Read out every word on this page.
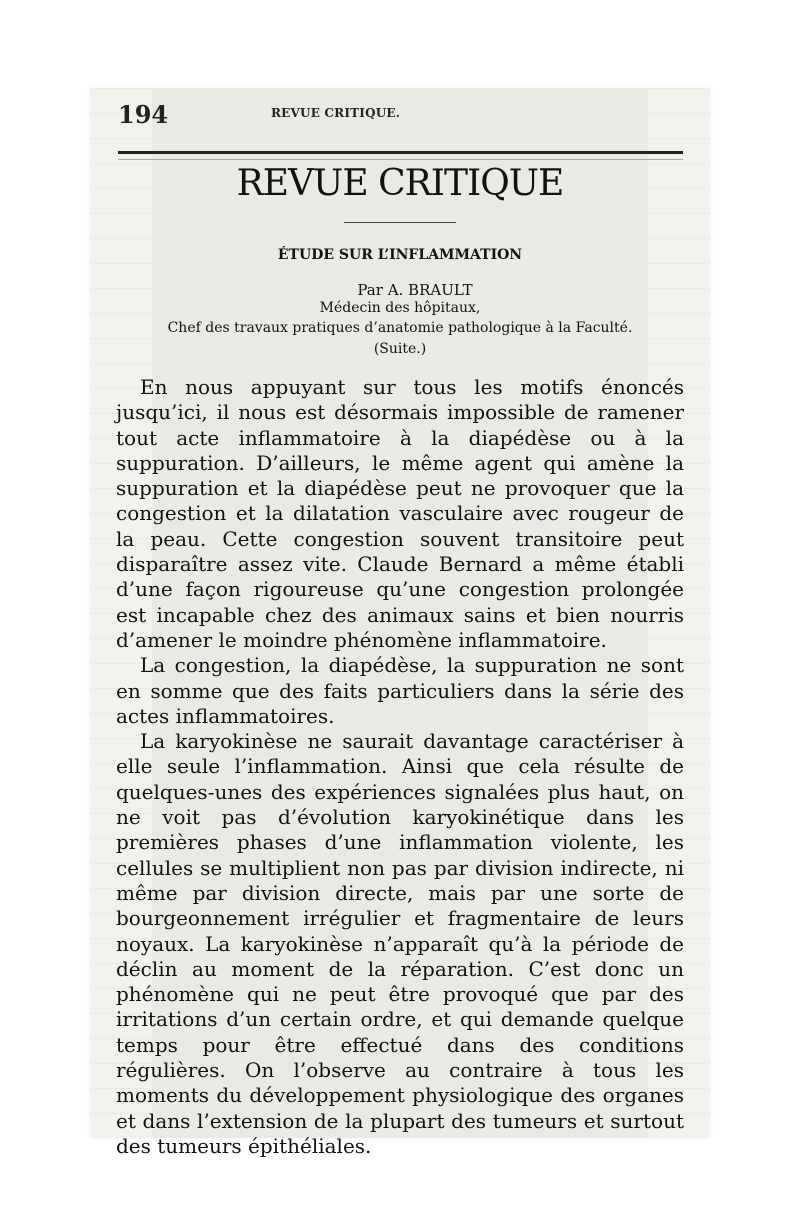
194	REVUE CRITIQUE.
REVUE CRITIQUE
ÉTUDE SUR L’INFLAMMATION
Par A. BRAULT
Médecin des hôpitaux,
Chef des travaux pratiques d’anatomie pathologique à la Faculté.
(Suite.)

En nous appuyant sur tous les motifs énoncés jusqu’ici, il nous est désormais impossible de ramener tout acte inflammatoire à la diapédèse ou à la suppuration. D’ailleurs, le même agent qui amène la suppuration et la diapédèse peut ne provoquer que la congestion et la dilatation vasculaire avec rougeur de la peau. Cette congestion souvent transitoire peut disparaître assez vite. Claude Bernard a même établi d’une façon rigoureuse qu’une congestion prolongée est incapable chez des animaux sains et bien nourris d’amener le moindre phénomène inflammatoire.

La congestion, la diapédèse, la suppuration ne sont en somme que des faits particuliers dans la série des actes inflammatoires.

La karyokinèse ne saurait davantage caractériser à elle seule l’inflammation. Ainsi que cela résulte de quelques-unes des expériences signalées plus haut, on ne voit pas d’évolution karyokinétique dans les premières phases d’une inflammation violente, les cellules se multiplient non pas par division indirecte, ni même par division directe, mais par une sorte de bourgeonnement irrégulier et fragmentaire de leurs noyaux. La karyokinèse n’apparaît qu’à la période de déclin au moment de la réparation. C’est donc un phénomène qui ne peut être provoqué que par des irritations d’un certain ordre, et qui demande quelque temps pour être effectué dans des conditions régulières. On l’observe au contraire à tous les moments du développement physiologique des organes et dans l’extension de la plupart des tumeurs et surtout des tumeurs épithéliales.
